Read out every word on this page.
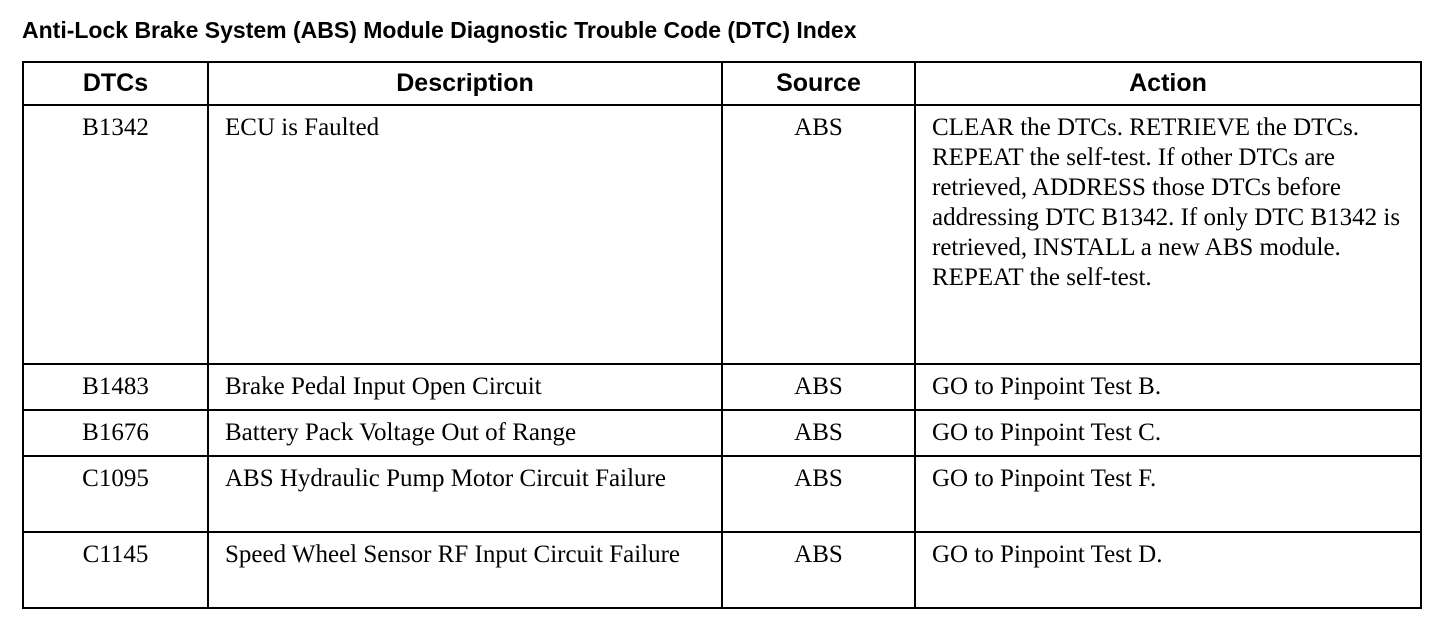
Anti-Lock Brake System (ABS) Module Diagnostic Trouble Code (DTC) Index
DTCs	Description	Source	Action
B1342	ECU is Faulted	ABS	CLEAR the DTCs. RETRIEVE the DTCs. REPEAT the self-test. If other DTCs are retrieved, ADDRESS those DTCs before addressing DTC B1342. If only DTC B1342 is retrieved, INSTALL a new ABS module.
REPEAT the self-test.
B1483	Brake Pedal Input Open Circuit	ABS	GO to Pinpoint Test B.
B1676	Battery Pack Voltage Out of Range	ABS	GO to Pinpoint Test C.
C1095	ABS Hydraulic Pump Motor Circuit Failure	ABS	GO to Pinpoint Test F.
C1145	Speed Wheel Sensor RF Input Circuit Failure	ABS	GO to Pinpoint Test D.
